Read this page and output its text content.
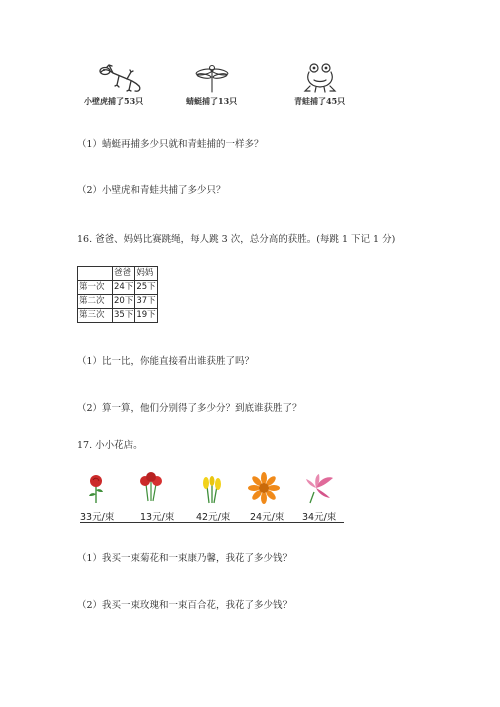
小壁虎捕了53只	蜻蜓捕了13只	青蛙捕了45只
（1）蜻蜓再捕多少只就和青蛙捕的一样多？
（2）小壁虎和青蛙共捕了多少只？
16. 爸爸、妈妈比赛跳绳，每人跳 3 次，总分高的获胜。(每跳 1 下记 1 分)
	爸爸	妈妈
第一次	24下	25下
第二次	20下	37下
第三次	35下	19下
（1）比一比，你能直接看出谁获胜了吗？
（2）算一算，他们分别得了多少分？到底谁获胜了？
17. 小小花店。
33元/束	13元/束 42元/束 24元/束 34元/束
（1）我买一束菊花和一束康乃馨，我花了多少钱？
（2）我买一束玫瑰和一束百合花，我花了多少钱？
